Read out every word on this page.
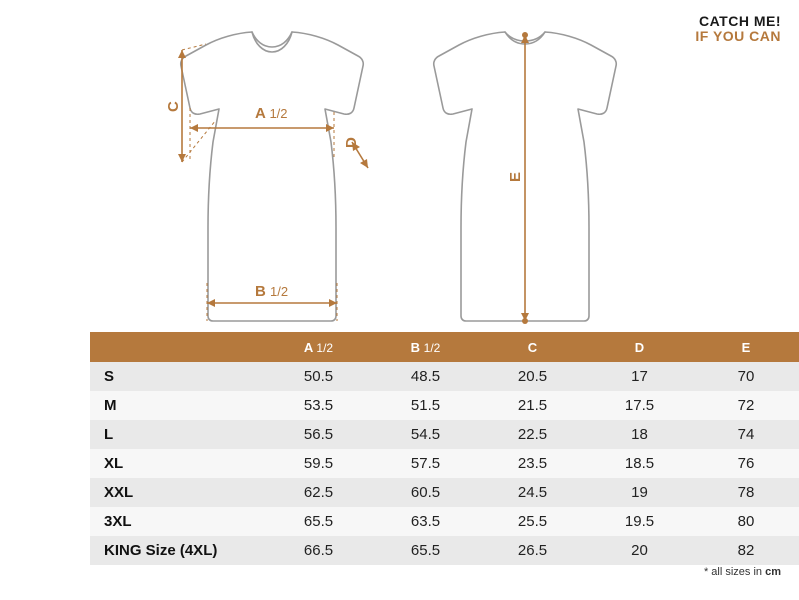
CATCH ME!
IF YOU CAN
A 1/2
B 1/2
C
D
E
	A 1/2	B 1/2	C	D	E
S	50.5	48.5	20.5	17	70
M	53.5	51.5	21.5	17.5	72
L	56.5	54.5	22.5	18	74
XL	59.5	57.5	23.5	18.5	76
XXL	62.5	60.5	24.5	19	78
3XL	65.5	63.5	25.5	19.5	80
KING Size (4XL)	66.5	65.5	26.5	20	82
* all sizes in cm
